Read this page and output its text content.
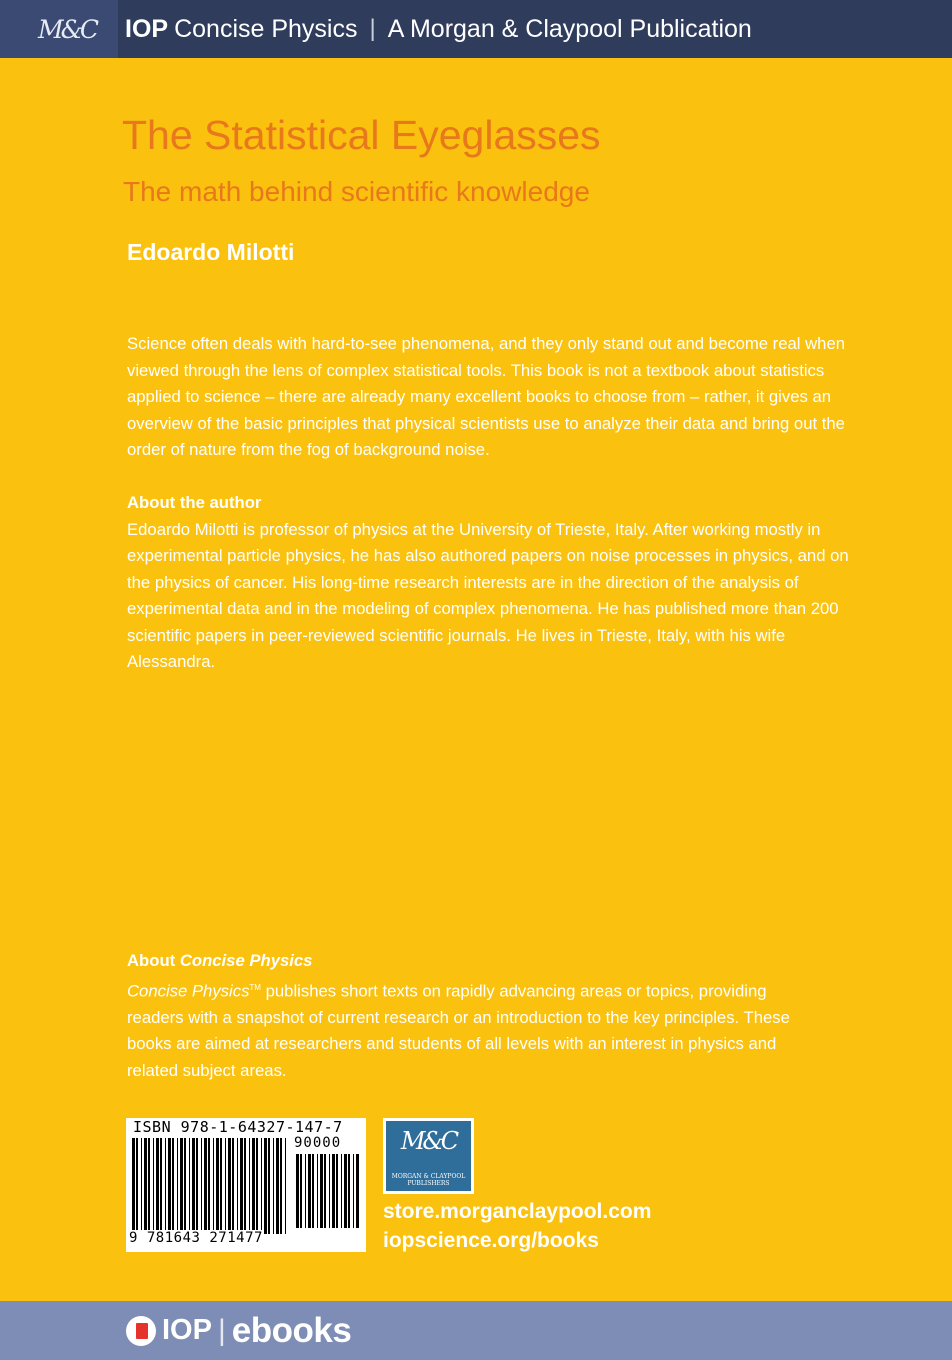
M&C IOP Concise Physics | A Morgan & Claypool Publication
The Statistical Eyeglasses
The math behind scientific knowledge
Edoardo Milotti
Science often deals with hard-to-see phenomena, and they only stand out and become real when viewed through the lens of complex statistical tools. This book is not a textbook about statistics applied to science – there are already many excellent books to choose from – rather, it gives an overview of the basic principles that physical scientists use to analyze their data and bring out the order of nature from the fog of background noise.
About the author
Edoardo Milotti is professor of physics at the University of Trieste, Italy. After working mostly in experimental particle physics, he has also authored papers on noise processes in physics, and on the physics of cancer. His long-time research interests are in the direction of the analysis of experimental data and in the modeling of complex phenomena. He has published more than 200 scientific papers in peer-reviewed scientific journals. He lives in Trieste, Italy, with his wife Alessandra.
About Concise Physics
Concise Physics™ publishes short texts on rapidly advancing areas or topics, providing readers with a snapshot of current research or an introduction to the key principles. These books are aimed at researchers and students of all levels with an interest in physics and related subject areas.
ISBN 978-1-64327-147-7
90000
9 781643 271477
M&C
MORGAN & CLAYPOOL
PUBLISHERS
store.morganclaypool.com
iopscience.org/books
IOP | ebooks
